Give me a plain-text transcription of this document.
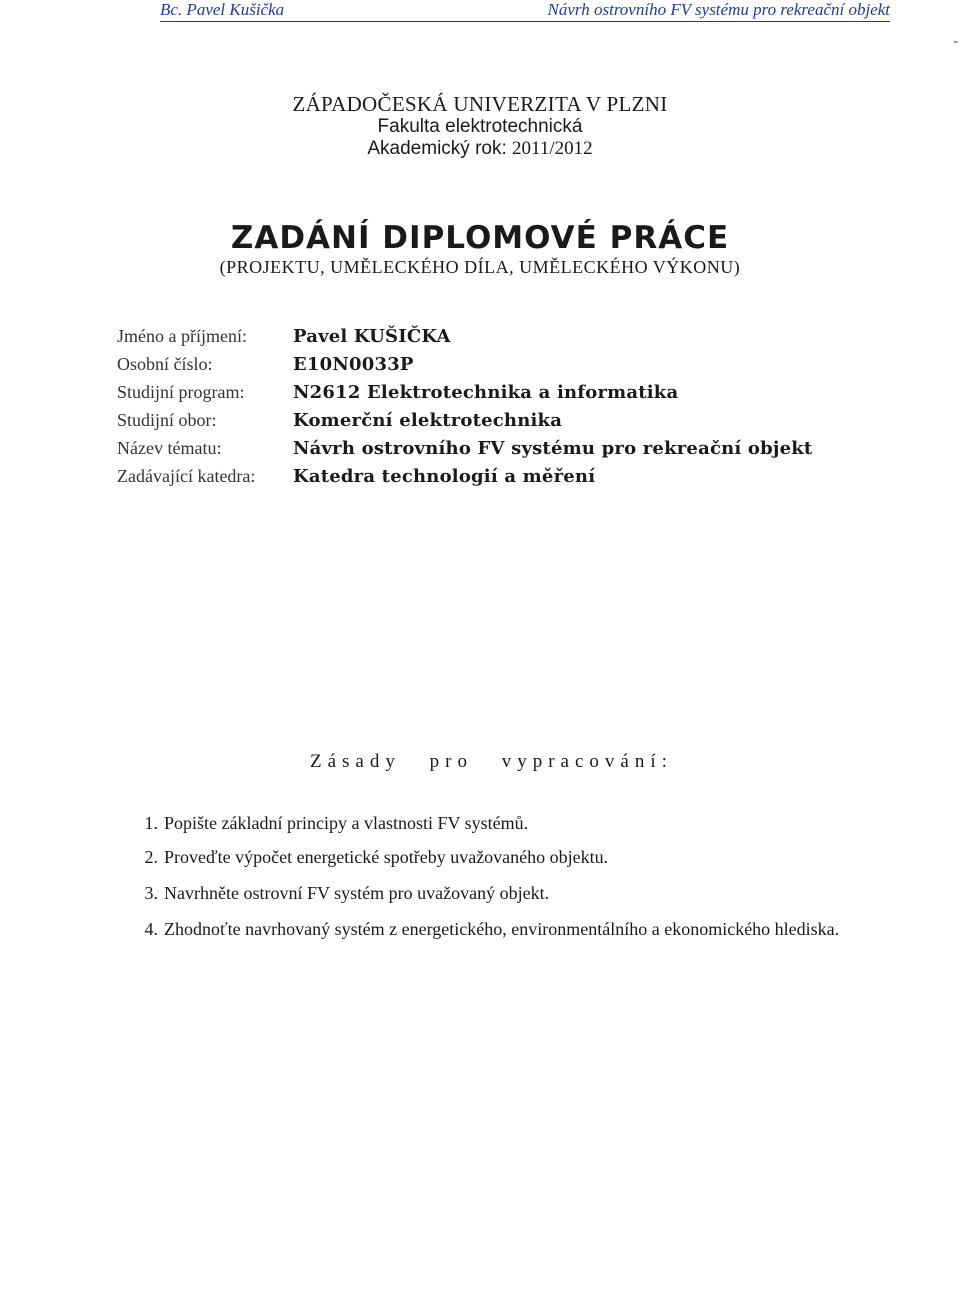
Bc. Pavel Kušička	Návrh ostrovního FV systému pro rekreační objekt
-
ZÁPADOČESKÁ UNIVERZITA V PLZNI
Fakulta elektrotechnická
Akademický rok: 2011/2012
ZADÁNÍ DIPLOMOVÉ PRÁCE
(PROJEKTU, UMĚLECKÉHO DÍLA, UMĚLECKÉHO VÝKONU)
Jméno a příjmení:	Pavel KUŠIČKA
Osobní číslo:	E10N0033P
Studijní program:	N2612 Elektrotechnika a informatika
Studijní obor:	Komerční elektrotechnika
Název tématu:	Návrh ostrovního FV systému pro rekreační objekt
Zadávající katedra: Katedra technologií a měření
Zásady pro vypracování:
1. Popište základní principy a vlastnosti FV systémů.
2. Proveďte výpočet energetické spotřeby uvažovaného objektu.
3. Navrhněte ostrovní FV systém pro uvažovaný objekt.
4. Zhodnoťte navrhovaný systém z energetického, environmentálního a ekonomického hlediska.
